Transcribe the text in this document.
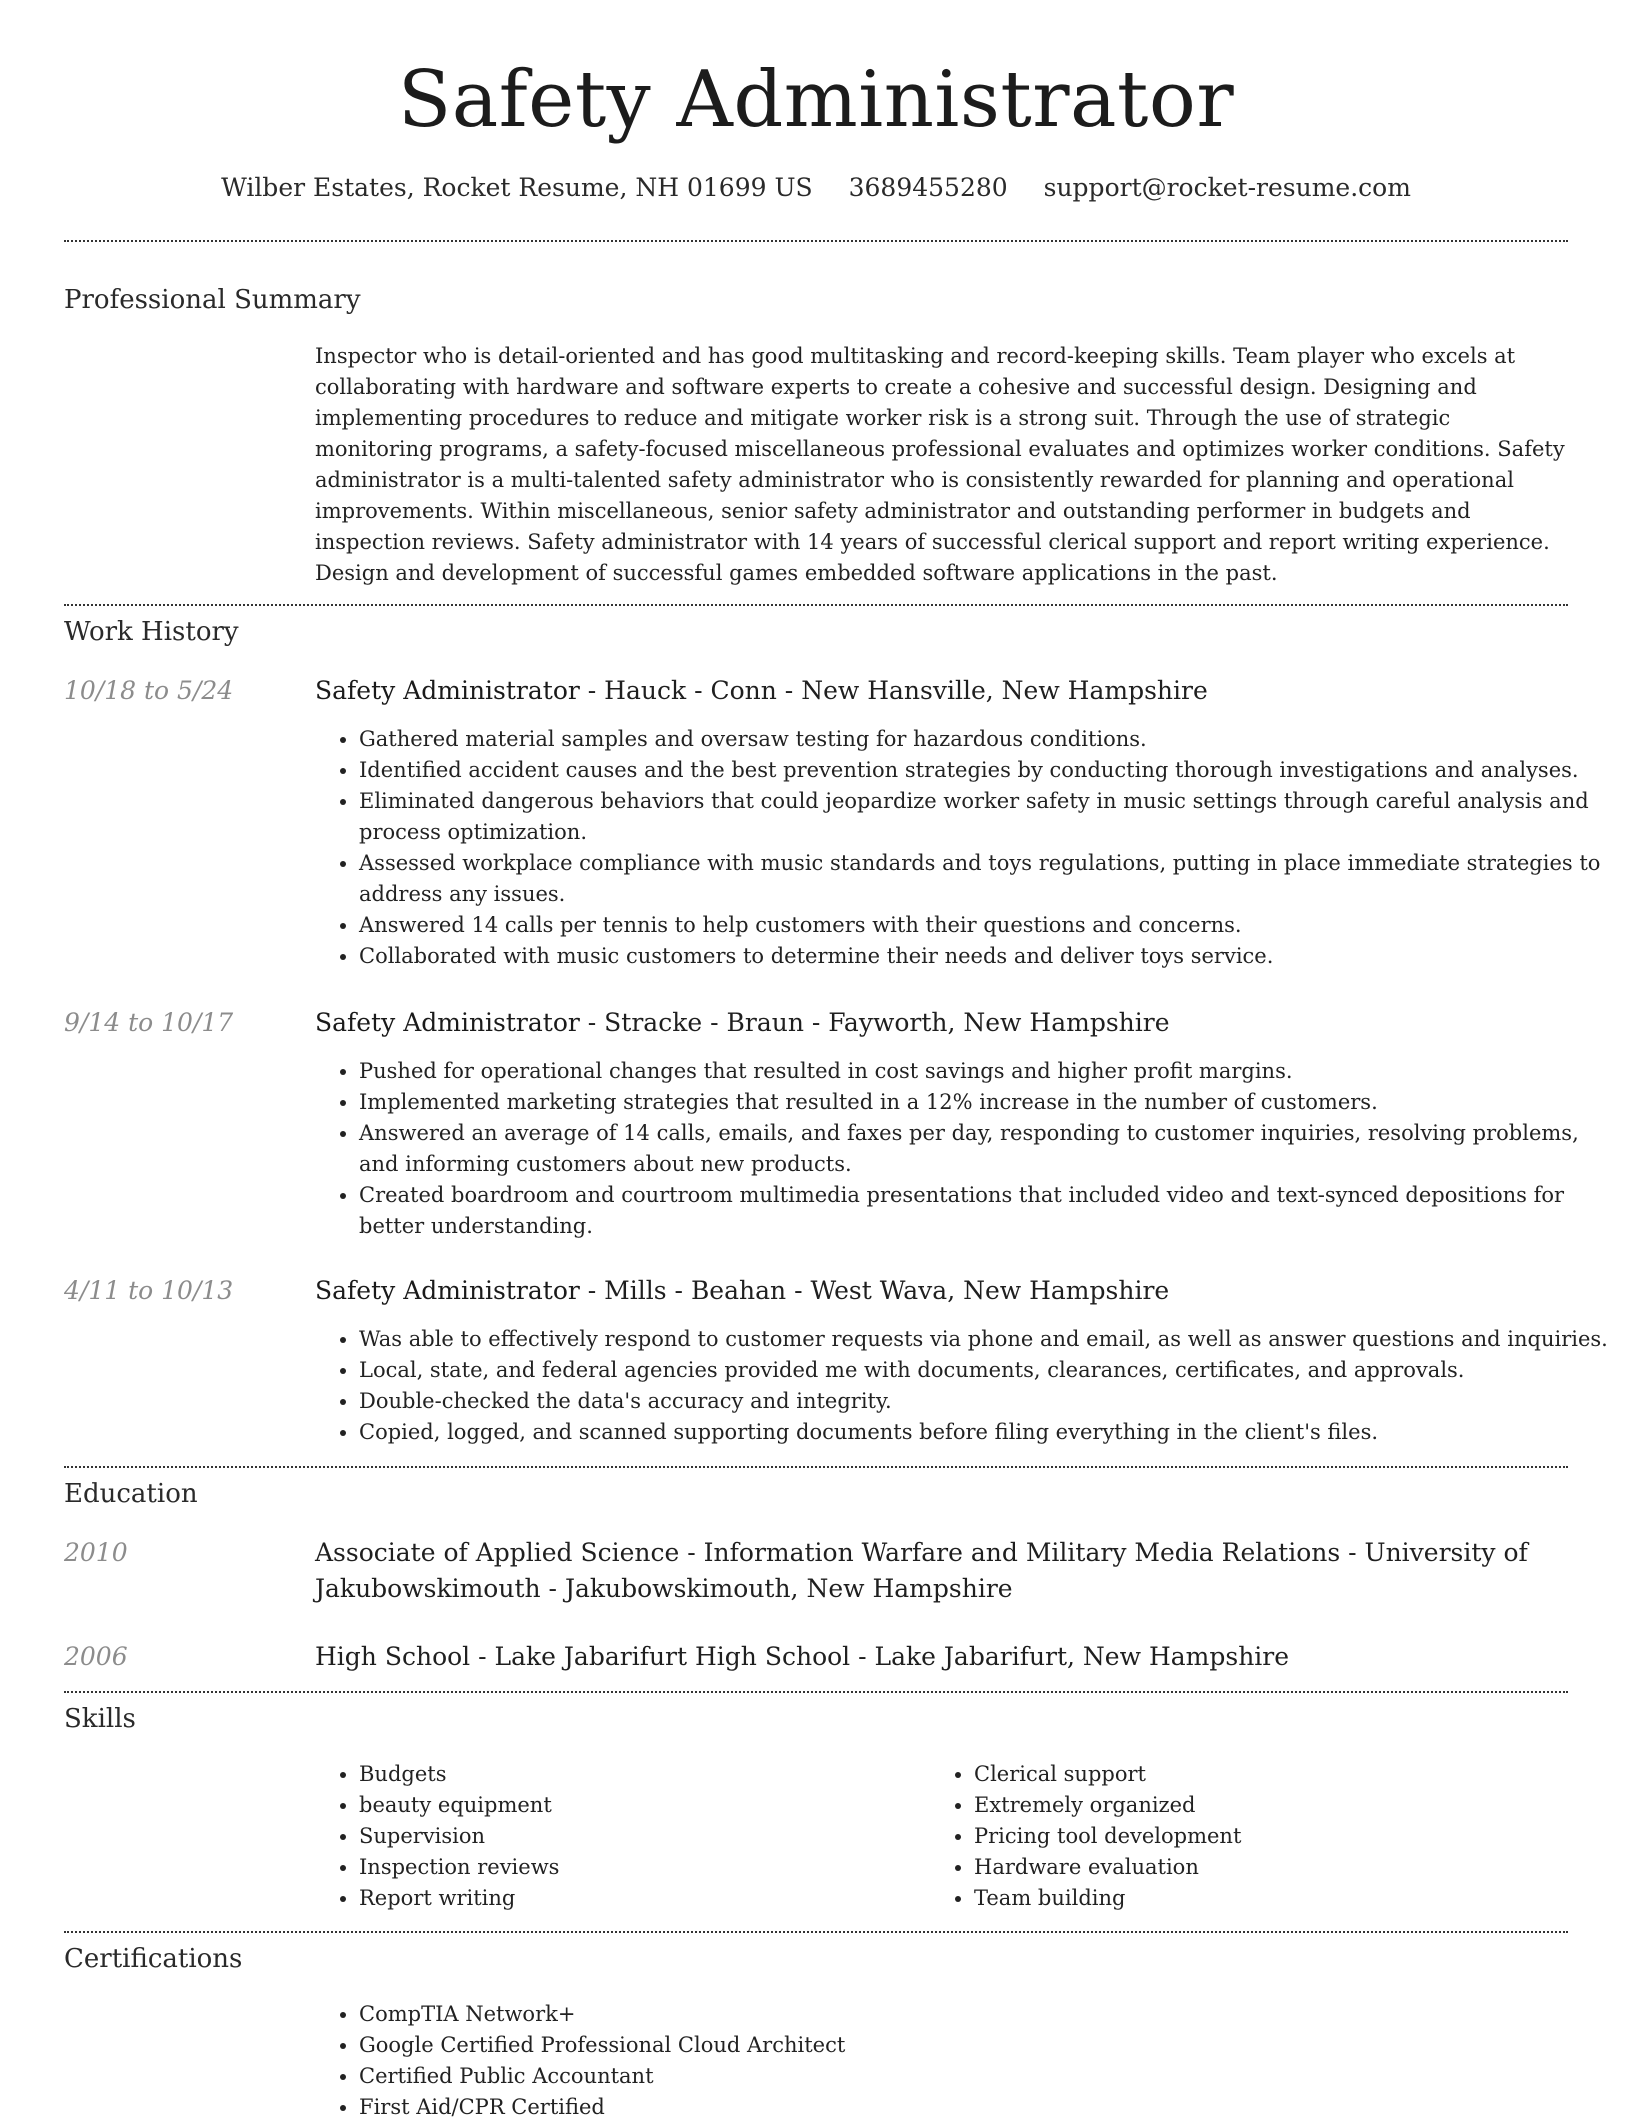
Safety Administrator
Wilber Estates, Rocket Resume, NH 01699 US 3689455280 support@rocket-resume.com
Professional Summary

Inspector who is detail-oriented and has good multitasking and record-keeping skills. Team player who excels at collaborating with hardware and software experts to create a cohesive and successful design. Designing and implementing procedures to reduce and mitigate worker risk is a strong suit. Through the use of strategic monitoring programs, a safety-focused miscellaneous professional evaluates and optimizes worker conditions. Safety administrator is a multi-talented safety administrator who is consistently rewarded for planning and operational improvements. Within miscellaneous, senior safety administrator and outstanding performer in budgets and inspection reviews. Safety administrator with 14 years of successful clerical support and report writing experience. Design and development of successful games embedded software applications in the past.

Work History
10/18 to 5/24	Safety Administrator - Hauck - Conn - New Hansville, New Hampshire
• Gathered material samples and oversaw testing for hazardous conditions.
• Identified accident causes and the best prevention strategies by conducting thorough investigations and analyses.
• Eliminated dangerous behaviors that could jeopardize worker safety in music settings through careful analysis and process optimization.
• Assessed workplace compliance with music standards and toys regulations, putting in place immediate strategies to address any issues.
• Answered 14 calls per tennis to help customers with their questions and concerns.
• Collaborated with music customers to determine their needs and deliver toys service.
9/14 to 10/17	Safety Administrator - Stracke - Braun - Fayworth, New Hampshire
• Pushed for operational changes that resulted in cost savings and higher profit margins.
• Implemented marketing strategies that resulted in a 12% increase in the number of customers.
• Answered an average of 14 calls, emails, and faxes per day, responding to customer inquiries, resolving problems, and informing customers about new products.
• Created boardroom and courtroom multimedia presentations that included video and text-synced depositions for better understanding.
4/11 to 10/13	Safety Administrator - Mills - Beahan - West Wava, New Hampshire
• Was able to effectively respond to customer requests via phone and email, as well as answer questions and inquiries.
• Local, state, and federal agencies provided me with documents, clearances, certificates, and approvals.
• Double-checked the data's accuracy and integrity.
• Copied, logged, and scanned supporting documents before filing everything in the client's files.
Education
2010	Associate of Applied Science - Information Warfare and Military Media Relations - University of Jakubowskimouth - Jakubowskimouth, New Hampshire
2006	High School - Lake Jabarifurt High School - Lake Jabarifurt, New Hampshire
Skills
• Budgets
• beauty equipment
• Supervision
• Inspection reviews
• Report writing
• Clerical support
• Extremely organized
• Pricing tool development
• Hardware evaluation
• Team building
Certifications
• CompTIA Network+
• Google Certified Professional Cloud Architect
• Certified Public Accountant
• First Aid/CPR Certified
